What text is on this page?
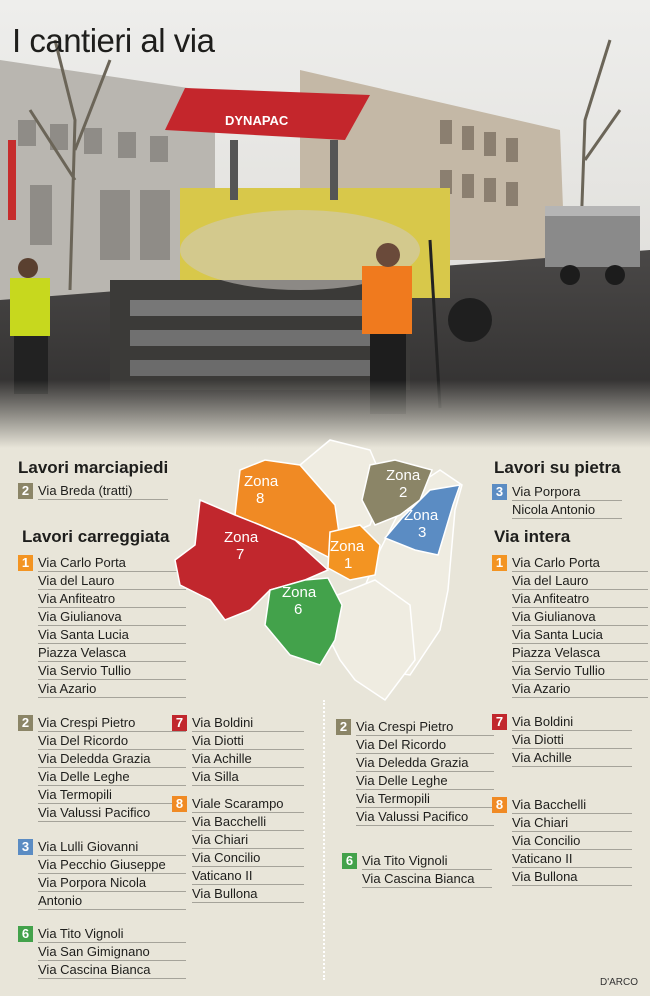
DYNAPAC
I cantieri al via
Lavori marciapiedi
2 Via Breda (tratti)
Lavori carreggiata
Lavori su pietra
3 Via Porpora
Nicola Antonio
Via intera
1 Via Carlo Porta
Via del Lauro
Via Anfiteatro
Via Giulianova
Via Santa Lucia
Piazza Velasca
Via Servio Tullio
Via Azario
2 Via Crespi Pietro
Via Del Ricordo
Via Deledda Grazia
Via Delle Leghe
Via Termopili
Via Valussi Pacifico
3 Via Lulli Giovanni
Via Pecchio Giuseppe
Via Porpora Nicola
Antonio
6 Via Tito Vignoli
Via San Gimignano
Via Cascina Bianca
7 Via Boldini
Via Diotti
Via Achille
Via Silla
8 Viale Scarampo
Via Bacchelli
Via Chiari
Via Concilio
Vaticano II
Via Bullona
2 Via Crespi Pietro
Via Del Ricordo
Via Deledda Grazia
Via Delle Leghe
Via Termopili
Via Valussi Pacifico
6 Via Tito Vignoli
Via Cascina Bianca
1 Via Carlo Porta
Via del Lauro
Via Anfiteatro
Via Giulianova
Via Santa Lucia
Piazza Velasca
Via Servio Tullio
Via Azario
7 Via Boldini
Via Diotti
Via Achille
8 Via Bacchelli
Via Chiari
Via Concilio
Vaticano II
Via Bullona
Zona 8
Zona 7
Zona 6
Zona 1
Zona 2
Zona 3
D'ARCO
